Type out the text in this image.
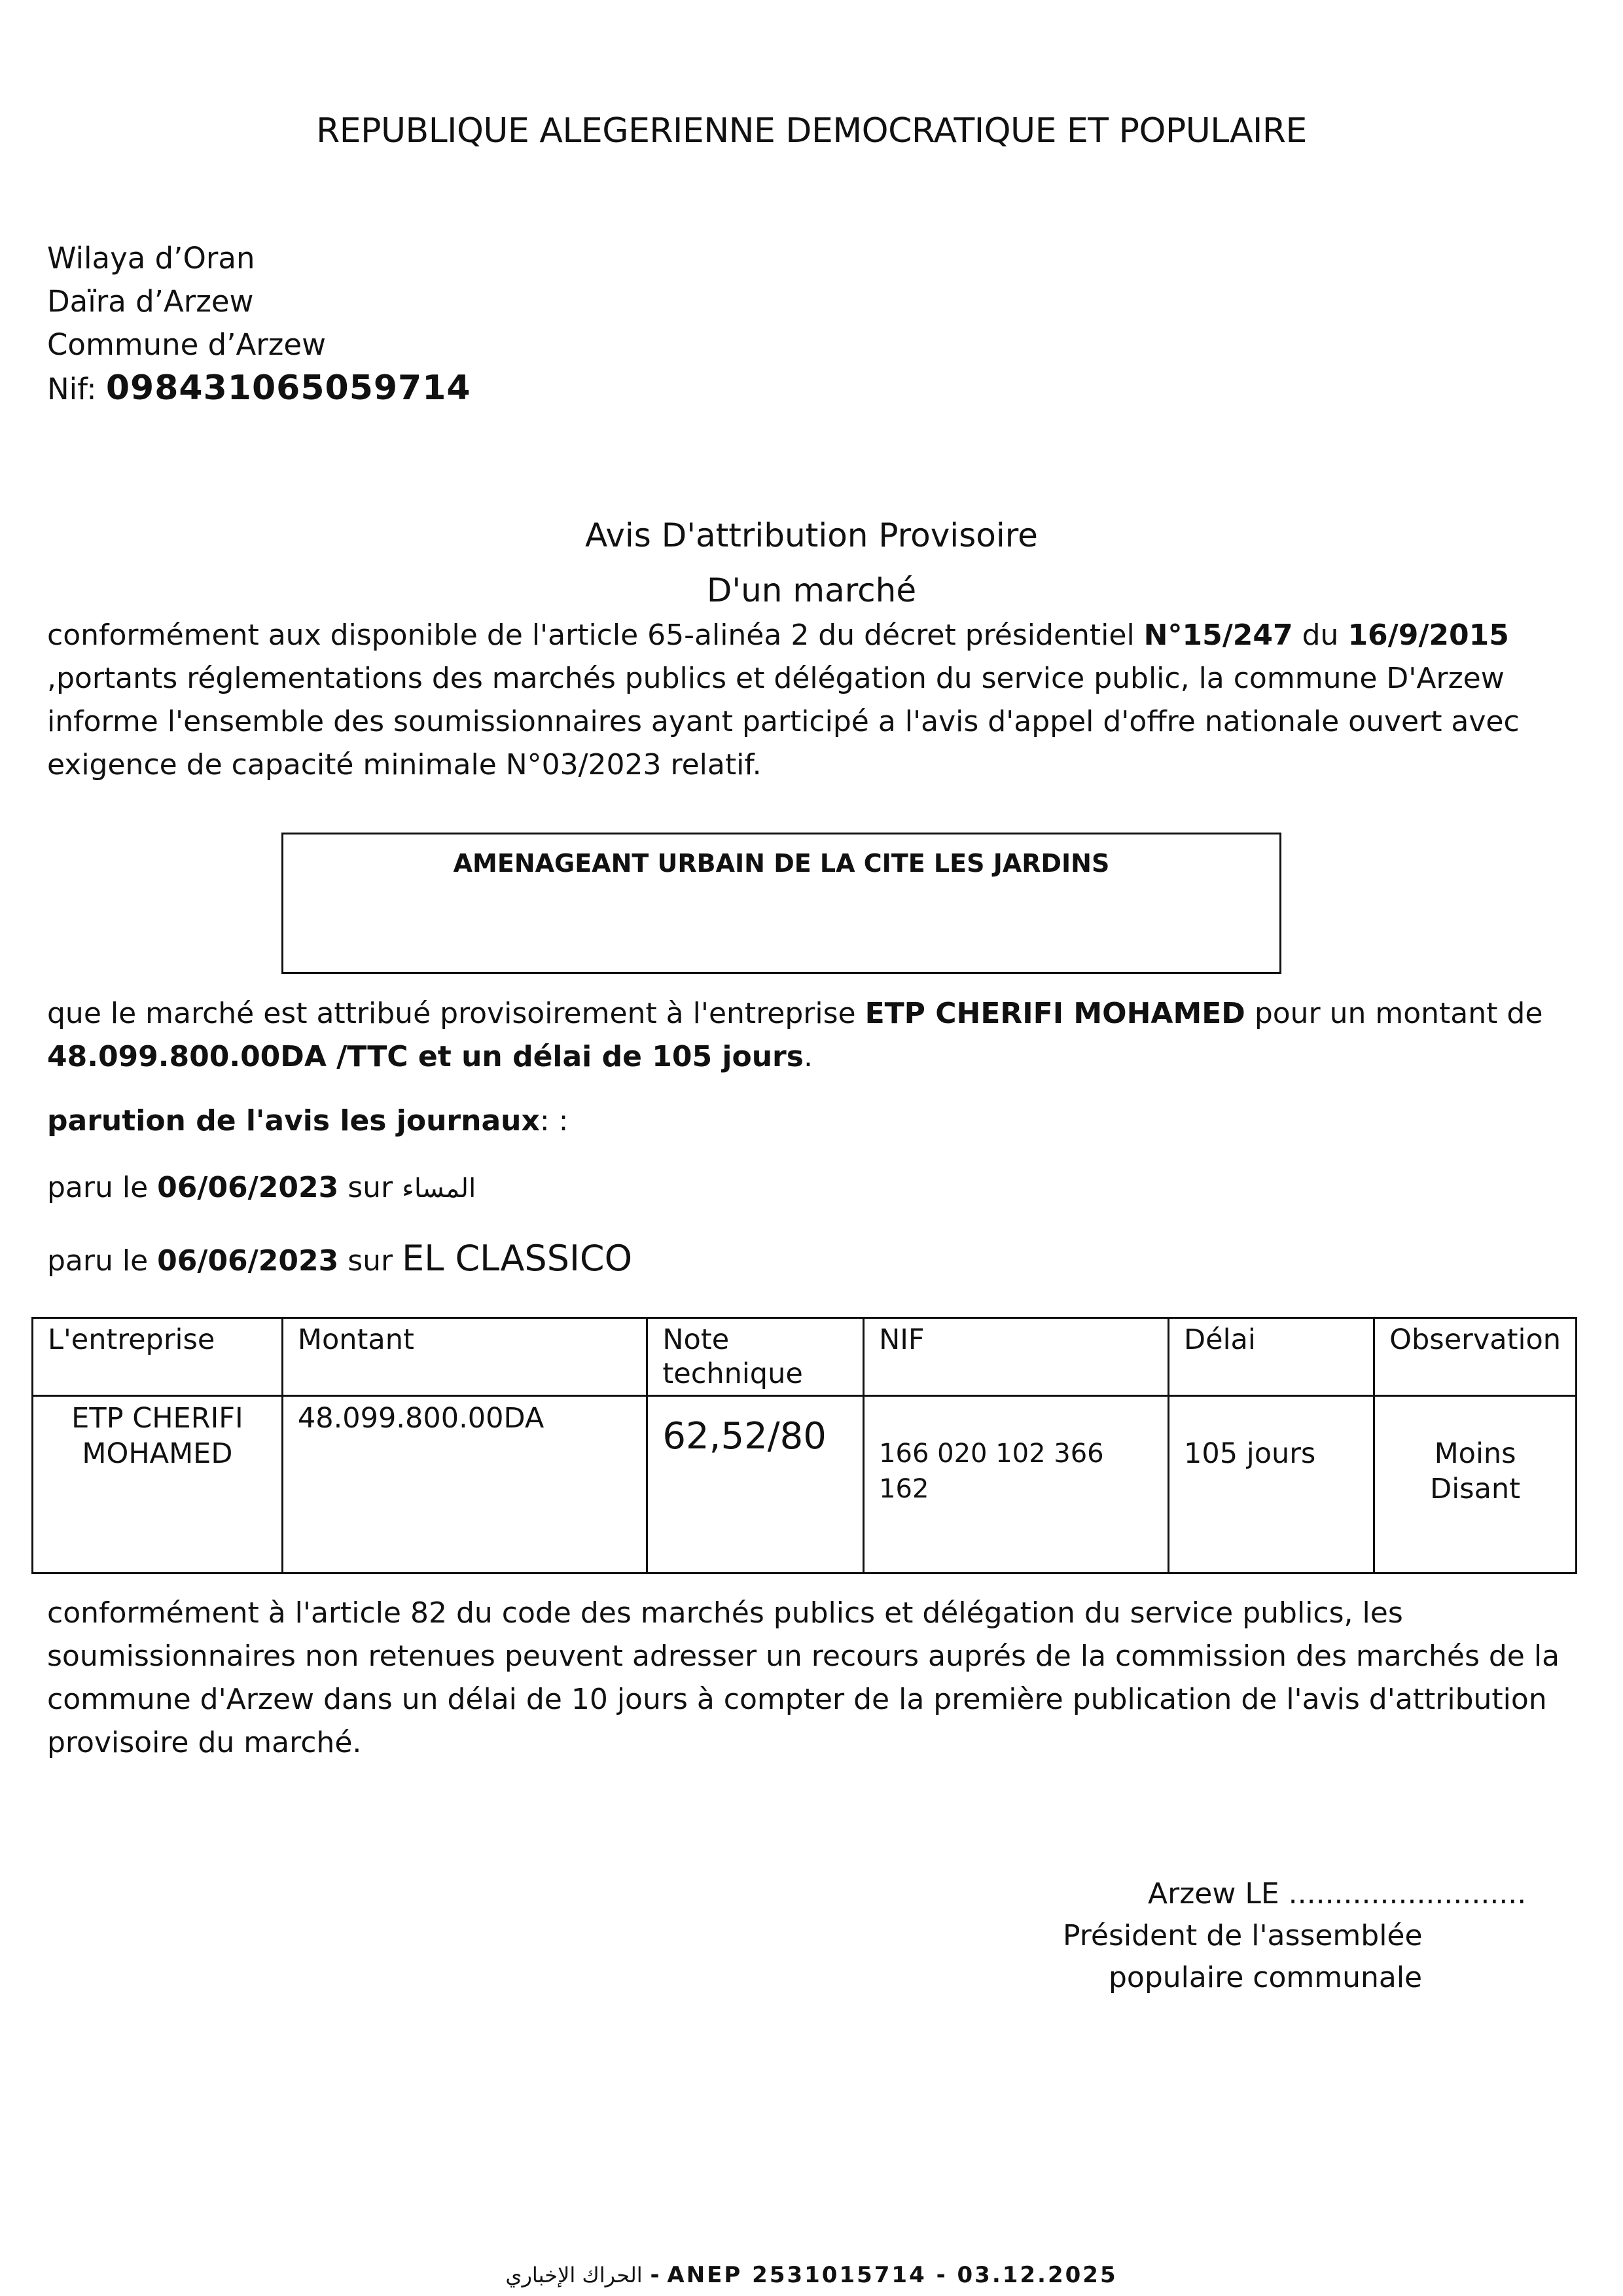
REPUBLIQUE ALEGERIENNE DEMOCRATIQUE ET POPULAIRE
Wilaya d’Oran
Daïra d’Arzew
Commune d’Arzew
Nif: 098431065059714
Avis D'attribution Provisoire
D'un marché
conformément aux disponible de l'article 65-alinéa 2 du décret présidentiel N°15/247 du 16/9/2015 ,portants réglementations des marchés publics et délégation du service public, la commune D'Arzew informe l'ensemble des soumissionnaires ayant participé a l'avis d'appel d'offre nationale ouvert avec exigence de capacité minimale N°03/2023 relatif.
AMENAGEANT URBAIN DE LA CITE LES JARDINS
que le marché est attribué provisoirement à l'entreprise ETP CHERIFI MOHAMED pour un montant de
48.099.800.00DA /TTC et un délai de 105 jours.
parution de l'avis les journaux: :
paru le 06/06/2023 sur المساء
paru le 06/06/2023 sur EL CLASSICO
L'entreprise	Montant	Note technique	NIF	Délai	Observation
ETP CHERIFI MOHAMED	48.099.800.00DA	62,52/80	166 020 102 366 162	105 jours	Moins Disant
conformément à l'article 82 du code des marchés publics et délégation du service publics, les soumissionnaires non retenues peuvent adresser un recours auprés de la commission des marchés de la commune d'Arzew dans un délai de 10 jours à compter de la première publication de l'avis d'attribution provisoire du marché.
Arzew LE ..........................
Président de l'assemblée
populaire communale
الحراك الإخباري - ANEP 2531015714 - 03.12.2025
